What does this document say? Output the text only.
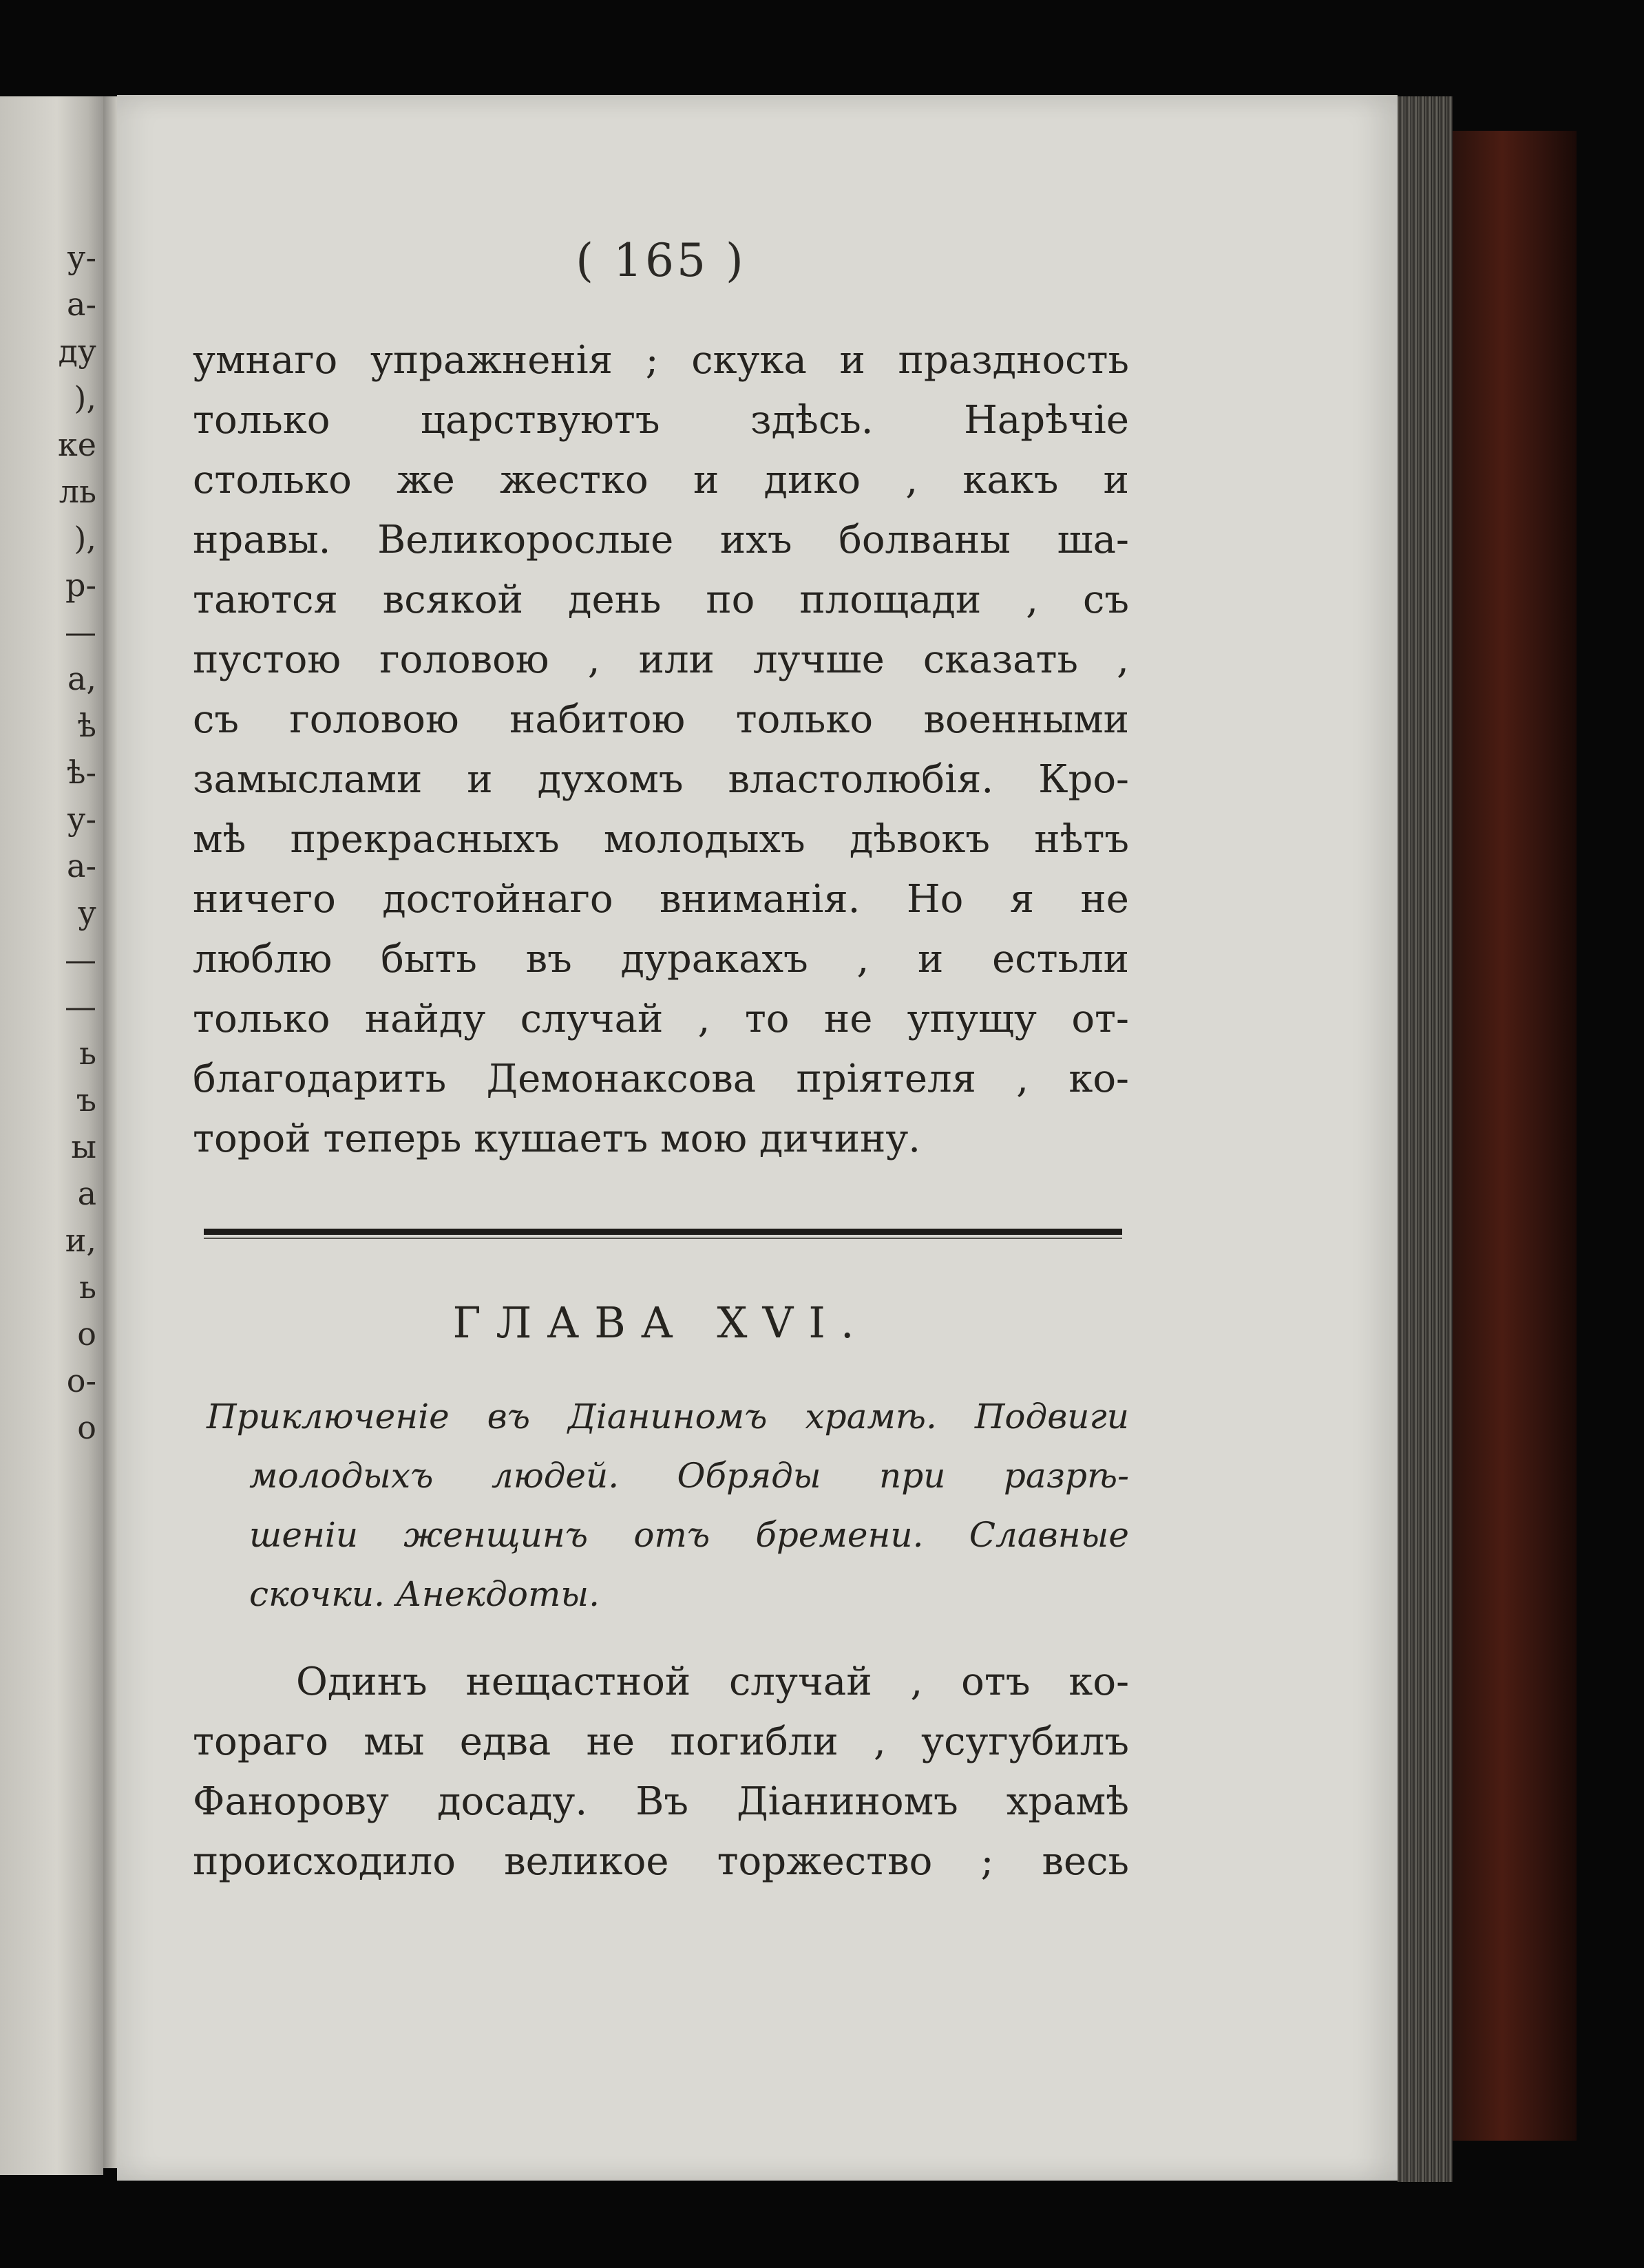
у-
а-
ду
),
ке
ль
),
р-
—
а,
ѣ
ѣ-
у-
а-
у
—
—
ь
ъ
ы
а
и,
ь
о
о-
о
( 165 )
умнаго упражненія ; скука и праздность
только царствуютъ здѣсь. Нарѣчіе
столько же жестко и дико , какъ и
нравы. Великорослые ихъ болваны ша-
таются всякой день по площади , съ
пустою головою , или лучше сказать ,
съ головою набитою только военными
замыслами и духомъ властолюбія. Кро-
мѣ прекрасныхъ молодыхъ дѣвокъ нѣтъ
ничего достойнаго вниманія. Но я не
люблю быть въ дуракахъ , и естьли
только найду случай , то не упущу от-
благодарить Демонаксова пріятеля , ко-
торой теперь кушаетъ мою дичину.
ГЛАВА XVI.
Приключеніе въ Діаниномъ храмѣ. Подвиги
молодыхъ людей. Обряды при разрѣ-
шеніи женщинъ отъ бремени. Славные
скочки. Анекдоты.
Одинъ нещастной случай , отъ ко-
тораго мы едва не погибли , усугубилъ
Фанорову досаду. Въ Діаниномъ храмѣ
происходило великое торжество ; весь
